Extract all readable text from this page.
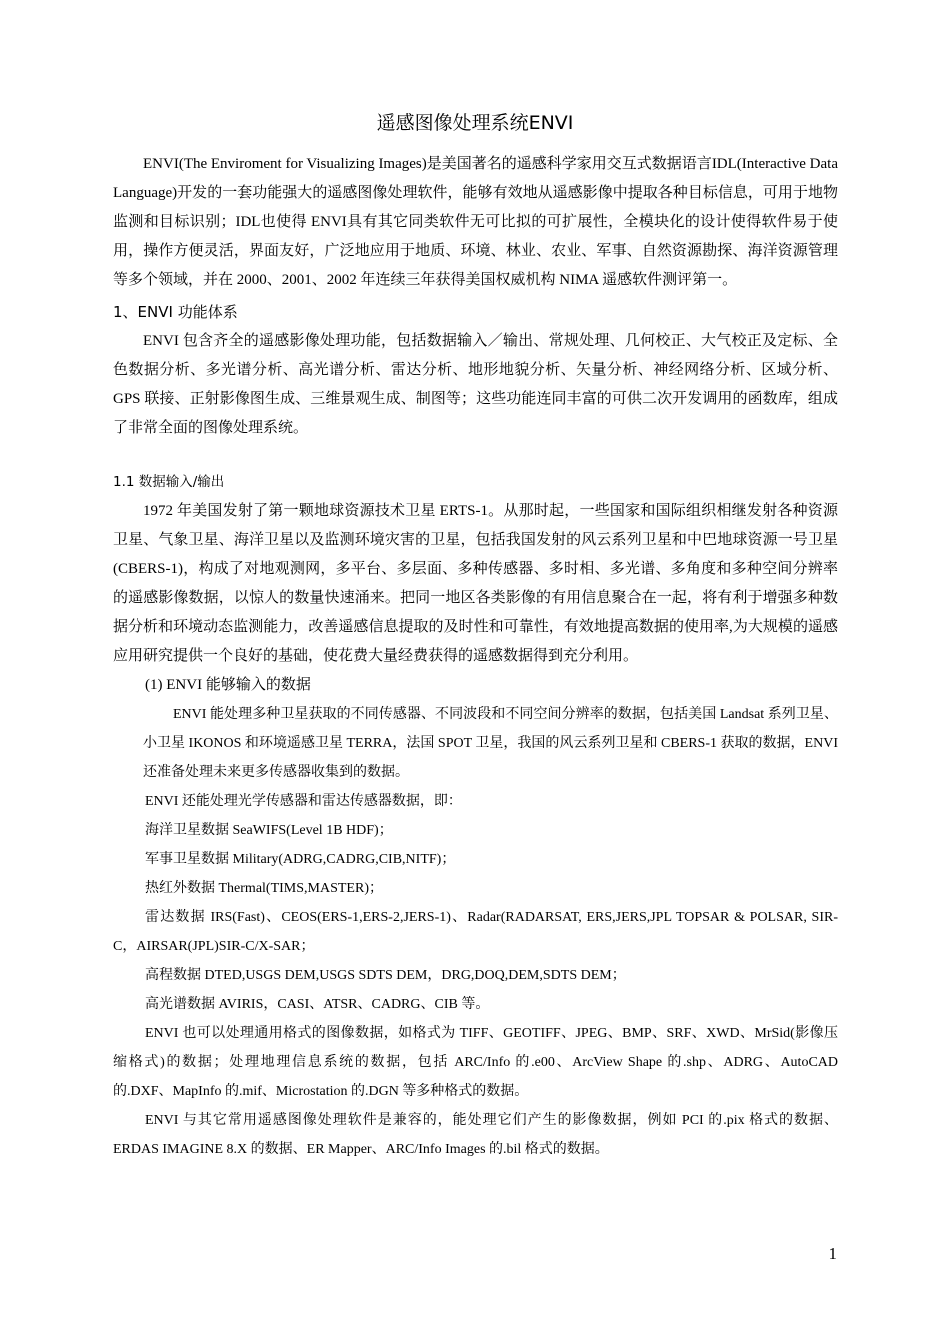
遥感图像处理系统ENVI

ENVI(The Enviroment for Visualizing Images)是美国著名的遥感科学家用交互式数据语言IDL(Interactive Data Language)开发的一套功能强大的遥感图像处理软件，能够有效地从遥感影像中提取各种目标信息，可用于地物监测和目标识别；IDL也使得 ENVI具有其它同类软件无可比拟的可扩展性，全模块化的设计使得软件易于使用，操作方便灵活，界面友好，广泛地应用于地质、环境、林业、农业、军事、自然资源勘探、海洋资源管理等多个领域，并在 2000、2001、2002 年连续三年获得美国权威机构 NIMA 遥感软件测评第一。

1、ENVI 功能体系

ENVI 包含齐全的遥感影像处理功能，包括数据输入／输出、常规处理、几何校正、大气校正及定标、全色数据分析、多光谱分析、高光谱分析、雷达分析、地形地貌分析、矢量分析、神经网络分析、区域分析、GPS 联接、正射影像图生成、三维景观生成、制图等；这些功能连同丰富的可供二次开发调用的函数库，组成了非常全面的图像处理系统。

1.1 数据输入/输出

1972 年美国发射了第一颗地球资源技术卫星 ERTS-1。从那时起，一些国家和国际组织相继发射各种资源卫星、气象卫星、海洋卫星以及监测环境灾害的卫星，包括我国发射的风云系列卫星和中巴地球资源一号卫星(CBERS-1)，构成了对地观测网，多平台、多层面、多种传感器、多时相、多光谱、多角度和多种空间分辨率的遥感影像数据，以惊人的数量快速涌来。把同一地区各类影像的有用信息聚合在一起，将有利于增强多种数据分析和环境动态监测能力，改善遥感信息提取的及时性和可靠性，有效地提高数据的使用率,为大规模的遥感应用研究提供一个良好的基础，使花费大量经费获得的遥感数据得到充分利用。

(1) ENVI 能够输入的数据

ENVI 能处理多种卫星获取的不同传感器、不同波段和不同空间分辨率的数据，包括美国 Landsat 系列卫星、小卫星 IKONOS 和环境遥感卫星 TERRA，法国 SPOT 卫星，我国的风云系列卫星和 CBERS-1 获取的数据，ENVI 还准备处理未来更多传感器收集到的数据。

ENVI 还能处理光学传感器和雷达传感器数据，即：

海洋卫星数据 SeaWIFS(Level 1B HDF)；

军事卫星数据 Military(ADRG,CADRG,CIB,NITF)；

热红外数据 Thermal(TIMS,MASTER)；

雷达数据 IRS(Fast)、CEOS(ERS-1,ERS-2,JERS-1)、Radar(RADARSAT, ERS,JERS,JPL TOPSAR & POLSAR, SIR-C，AIRSAR(JPL)SIR-C/X-SAR；

高程数据 DTED,USGS DEM,USGS SDTS DEM，DRG,DOQ,DEM,SDTS DEM；

高光谱数据 AVIRIS，CASI、ATSR、CADRG、CIB 等。

ENVI 也可以处理通用格式的图像数据，如格式为 TIFF、GEOTIFF、JPEG、BMP、SRF、XWD、MrSid(影像压缩格式)的数据；处理地理信息系统的数据，包括 ARC/Info 的.e00、ArcView Shape 的.shp、ADRG、AutoCAD 的.DXF、MapInfo 的.mif、Microstation 的.DGN 等多种格式的数据。

ENVI 与其它常用遥感图像处理软件是兼容的，能处理它们产生的影像数据，例如 PCI 的.pix 格式的数据、ERDAS IMAGINE 8.X 的数据、ER Mapper、ARC/Info Images 的.bil 格式的数据。

1
